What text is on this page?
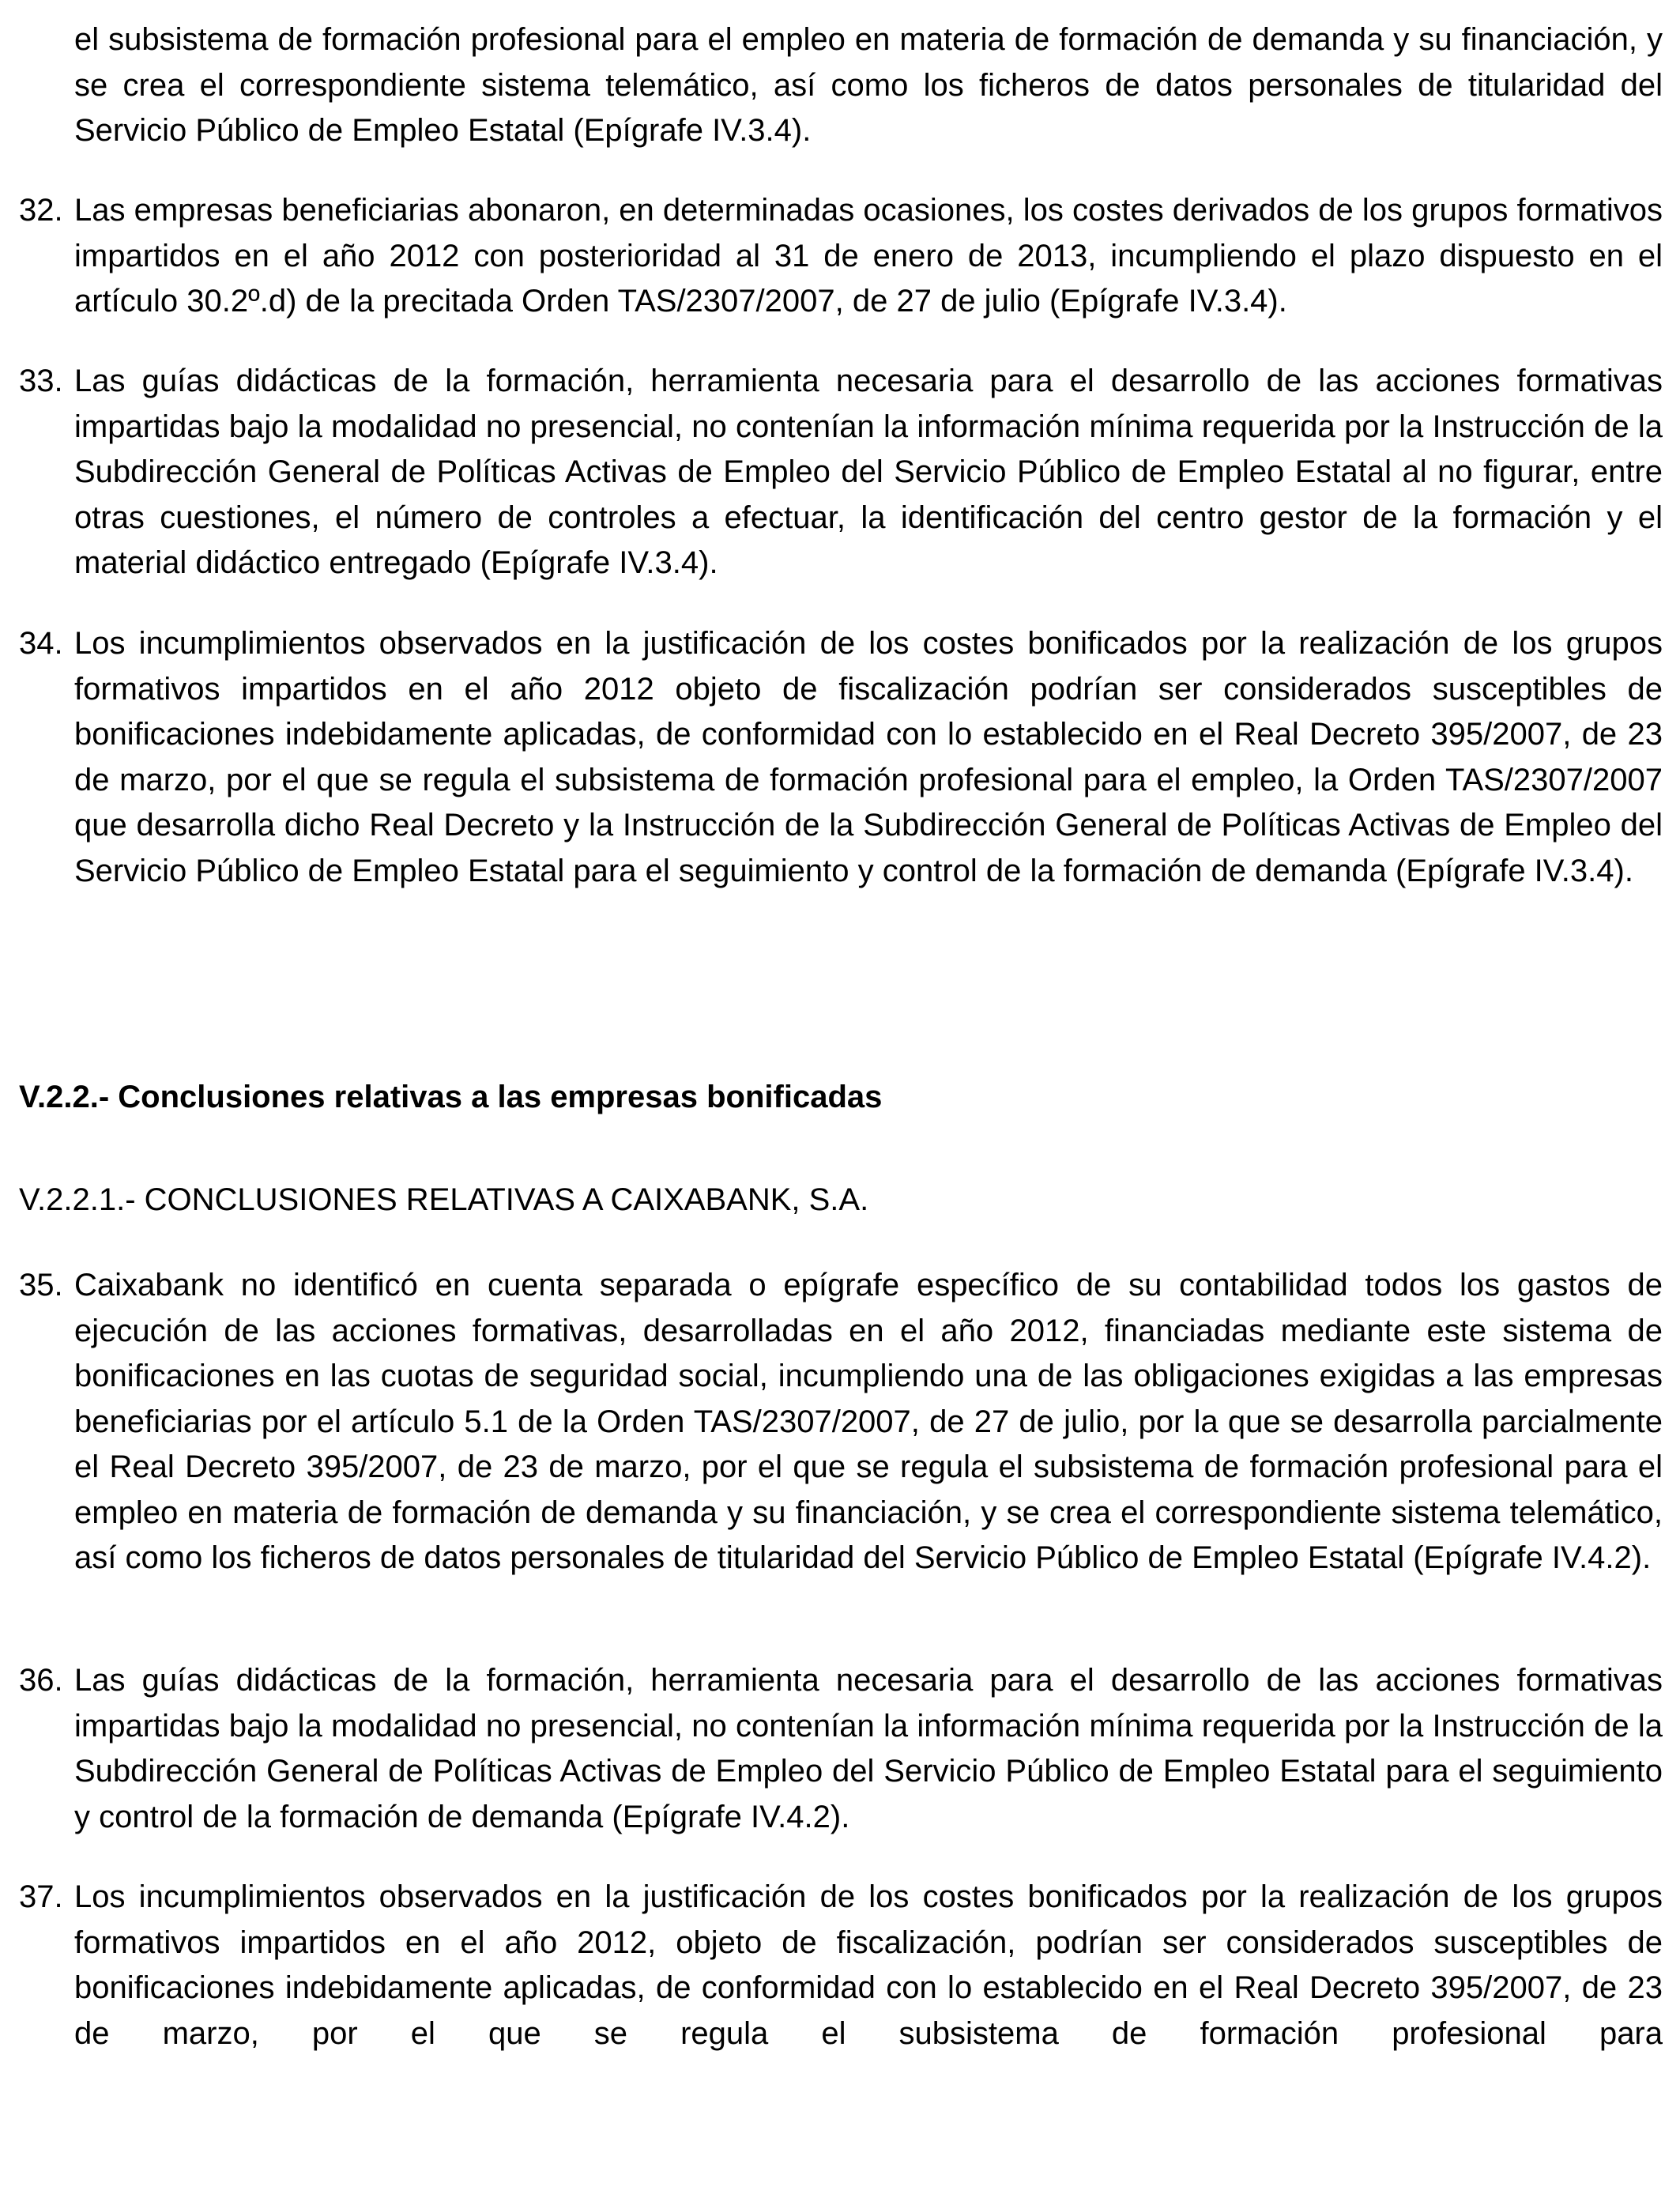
el subsistema de formación profesional para el empleo en materia de formación de demanda y su financiación, y se crea el correspondiente sistema telemático, así como los ficheros de datos personales de titularidad del Servicio Público de Empleo Estatal (Epígrafe IV.3.4).
32. Las empresas beneficiarias abonaron, en determinadas ocasiones, los costes derivados de los grupos formativos impartidos en el año 2012 con posterioridad al 31 de enero de 2013, incumpliendo el plazo dispuesto en el artículo 30.2º.d) de la precitada Orden TAS/2307/2007, de 27 de julio (Epígrafe IV.3.4).
33. Las guías didácticas de la formación, herramienta necesaria para el desarrollo de las acciones formativas impartidas bajo la modalidad no presencial, no contenían la información mínima requerida por la Instrucción de la Subdirección General de Políticas Activas de Empleo del Servicio Público de Empleo Estatal al no figurar, entre otras cuestiones, el número de controles a efectuar, la identificación del centro gestor de la formación y el material didáctico entregado (Epígrafe IV.3.4).
34. Los incumplimientos observados en la justificación de los costes bonificados por la realización de los grupos formativos impartidos en el año 2012 objeto de fiscalización podrían ser considerados susceptibles de bonificaciones indebidamente aplicadas, de conformidad con lo establecido en el Real Decreto 395/2007, de 23 de marzo, por el que se regula el subsistema de formación profesional para el empleo, la Orden TAS/2307/2007 que desarrolla dicho Real Decreto y la Instrucción de la Subdirección General de Políticas Activas de Empleo del Servicio Público de Empleo Estatal para el seguimiento y control de la formación de demanda (Epígrafe IV.3.4).
V.2.2.- Conclusiones relativas a las empresas bonificadas
V.2.2.1.- CONCLUSIONES RELATIVAS A CAIXABANK, S.A.
35. Caixabank no identificó en cuenta separada o epígrafe específico de su contabilidad todos los gastos de ejecución de las acciones formativas, desarrolladas en el año 2012, financiadas mediante este sistema de bonificaciones en las cuotas de seguridad social, incumpliendo una de las obligaciones exigidas a las empresas beneficiarias por el artículo 5.1 de la Orden TAS/2307/2007, de 27 de julio, por la que se desarrolla parcialmente el Real Decreto 395/2007, de 23 de marzo, por el que se regula el subsistema de formación profesional para el empleo en materia de formación de demanda y su financiación, y se crea el correspondiente sistema telemático, así como los ficheros de datos personales de titularidad del Servicio Público de Empleo Estatal (Epígrafe IV.4.2).
36. Las guías didácticas de la formación, herramienta necesaria para el desarrollo de las acciones formativas impartidas bajo la modalidad no presencial, no contenían la información mínima requerida por la Instrucción de la Subdirección General de Políticas Activas de Empleo del Servicio Público de Empleo Estatal para el seguimiento y control de la formación de demanda (Epígrafe IV.4.2).
37. Los incumplimientos observados en la justificación de los costes bonificados por la realización de los grupos formativos impartidos en el año 2012, objeto de fiscalización, podrían ser considerados susceptibles de bonificaciones indebidamente aplicadas, de conformidad con lo establecido en el Real Decreto 395/2007, de 23 de marzo, por el que se regula el subsistema de formación profesional para
